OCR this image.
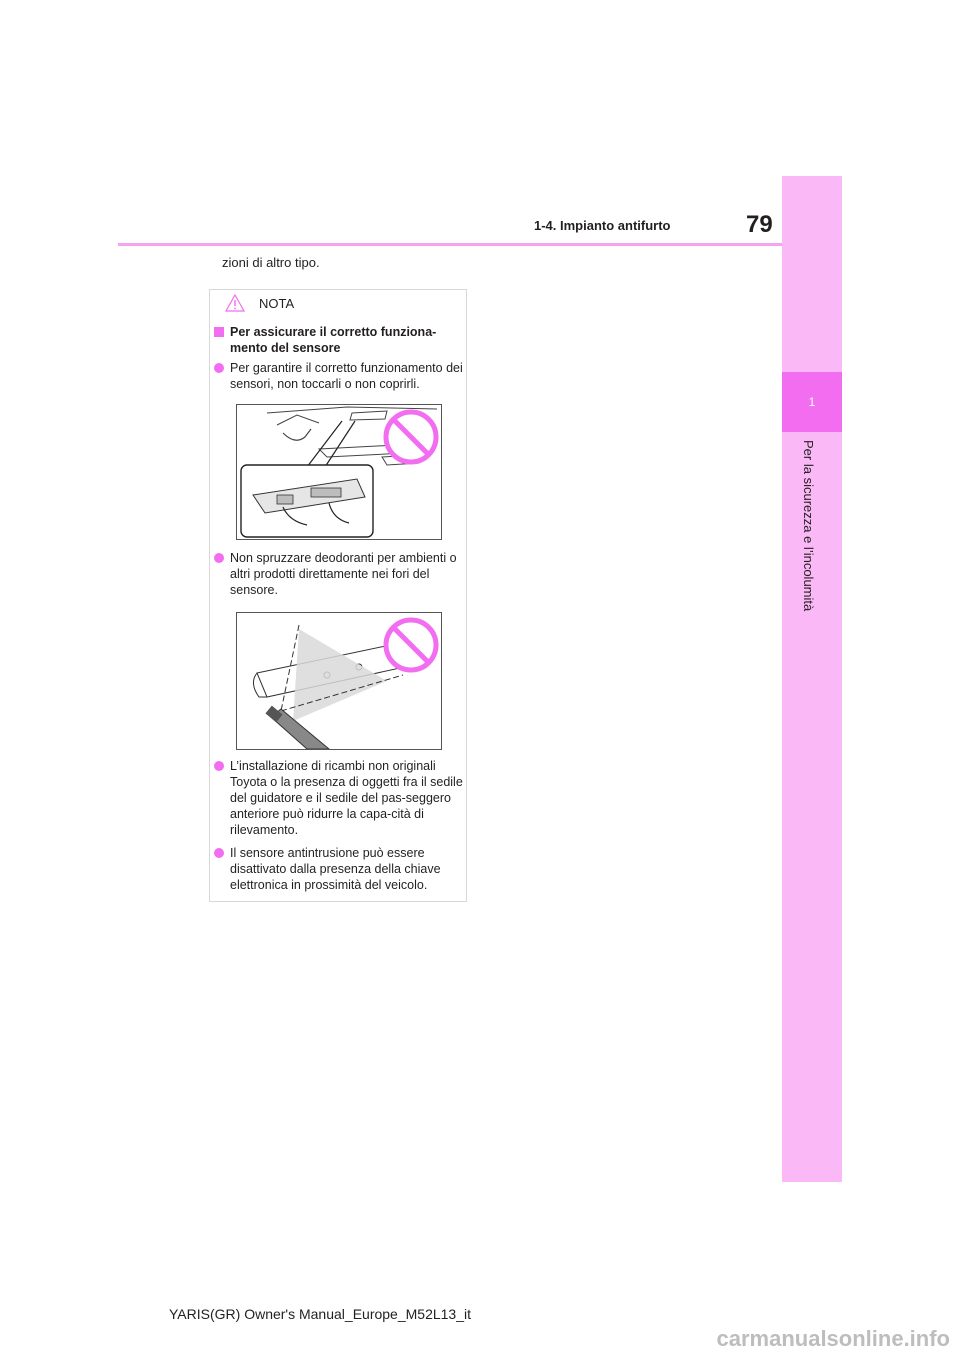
1
Per la sicurezza e l’incolumità
1-4. Impianto antifurto	79
zioni di altro tipo.
NOTA
Per assicurare il corretto funziona-mento del sensore
Per garantire il corretto funzionamento dei sensori, non toccarli o non coprirli.
Non spruzzare deodoranti per ambienti o altri prodotti direttamente nei fori del sensore.
L’installazione di ricambi non originali Toyota o la presenza di oggetti fra il sedile del guidatore e il sedile del pas-seggero anteriore può ridurre la capa-cità di rilevamento.
Il sensore antintrusione può essere disattivato dalla presenza della chiave elettronica in prossimità del veicolo.
YARIS(GR) Owner's Manual_Europe_M52L13_it
carmanualsonline.info
